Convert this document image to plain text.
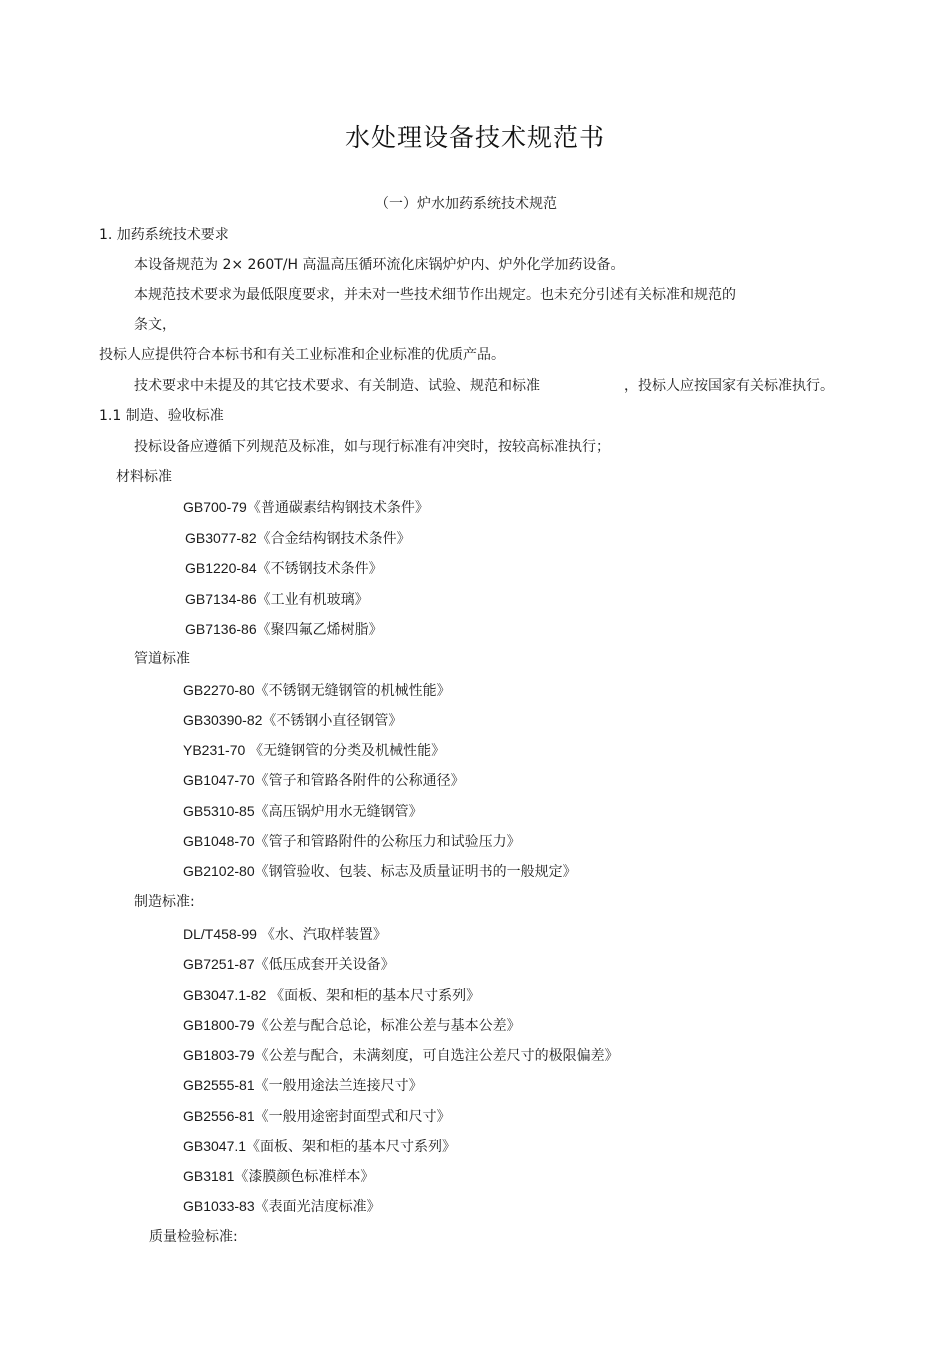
水处理设备技术规范书
（一）炉水加药系统技术规范
1. 加药系统技术要求
本设备规范为 2× 260T/H 高温高压循环流化床锅炉炉内、炉外化学加药设备。
本规范技术要求为最低限度要求，并未对一些技术细节作出规定。也未充分引述有关标准和规范的
条文，
投标人应提供符合本标书和有关工业标准和企业标准的优质产品。
技术要求中未提及的其它技术要求、有关制造、试验、规范和标准	，投标人应按国家有关标准执行。
1.1 制造、验收标准
投标设备应遵循下列规范及标准，如与现行标准有冲突时，按较高标准执行；
材料标准
GB700-79《普通碳素结构钢技术条件》
GB3077-82《合金结构钢技术条件》
GB1220-84《不锈钢技术条件》
GB7134-86《工业有机玻璃》
GB7136-86《聚四氟乙烯树脂》
管道标准
GB2270-80《不锈钢无缝钢管的机械性能》
GB30390-82《不锈钢小直径钢管》
YB231-70 《无缝钢管的分类及机械性能》
GB1047-70《管子和管路各附件的公称通径》
GB5310-85《高压锅炉用水无缝钢管》
GB1048-70《管子和管路附件的公称压力和试验压力》
GB2102-80《钢管验收、包装、标志及质量证明书的一般规定》
制造标准:
DL/T458-99 《水、汽取样装置》
GB7251-87《低压成套开关设备》
GB3047.1-82 《面板、架和柜的基本尺寸系列》
GB1800-79《公差与配合总论，标准公差与基本公差》
GB1803-79《公差与配合，未满刻度，可自选注公差尺寸的极限偏差》
GB2555-81《一般用途法兰连接尺寸》
GB2556-81《一般用途密封面型式和尺寸》
GB3047.1《面板、架和柜的基本尺寸系列》
GB3181《漆膜颜色标准样本》
GB1033-83《表面光洁度标准》
质量检验标准:
